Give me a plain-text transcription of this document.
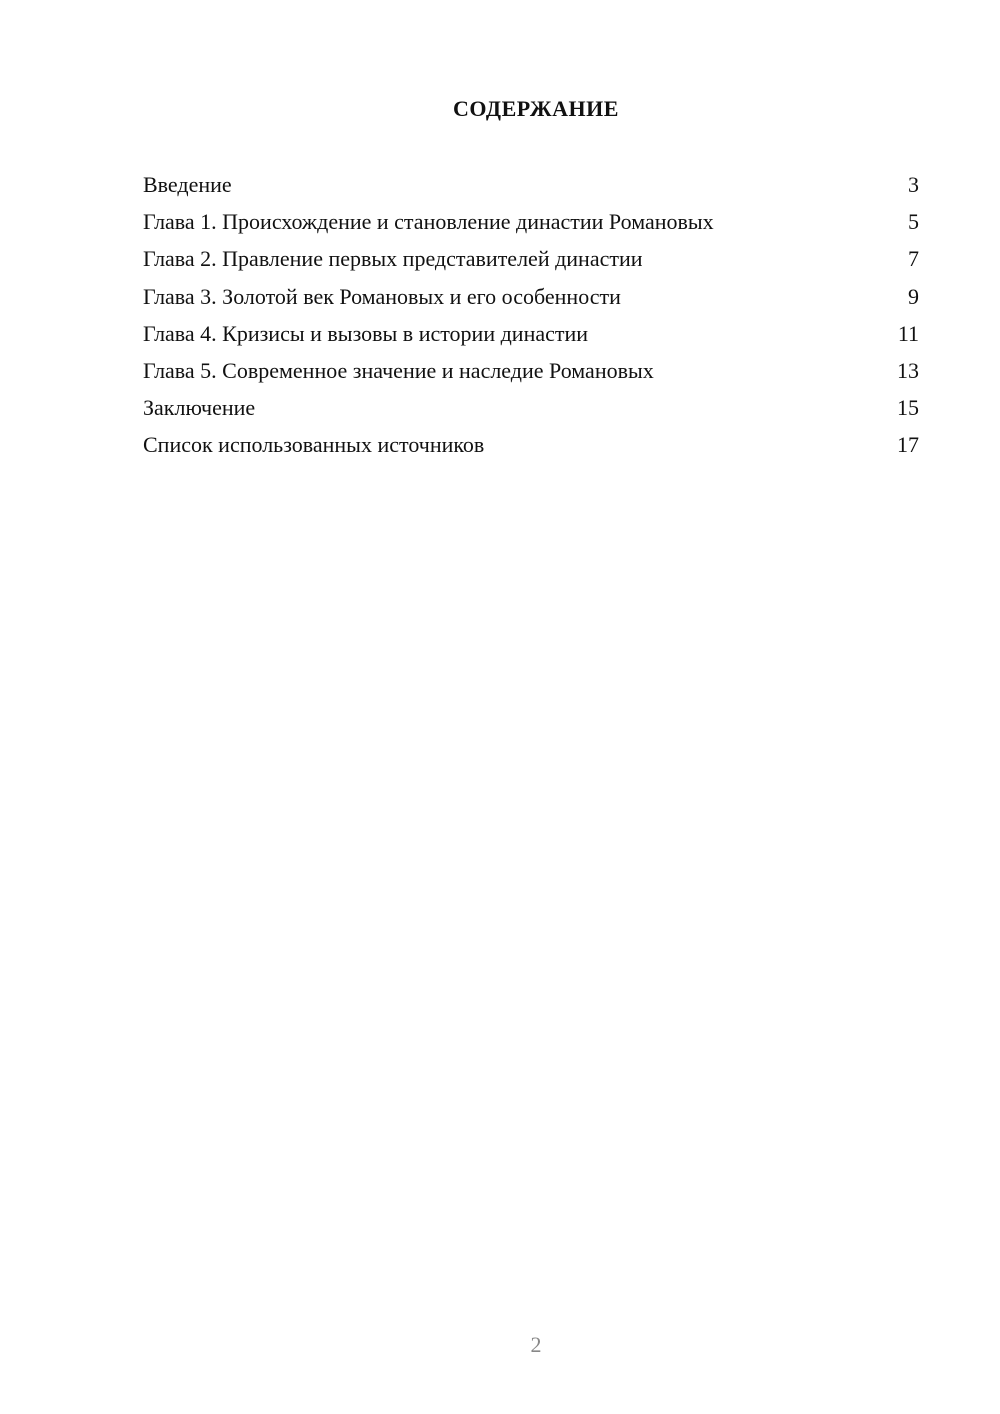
СОДЕРЖАНИЕ
Введение	3
Глава 1. Происхождение и становление династии Романовых	5
Глава 2. Правление первых представителей династии	7
Глава 3. Золотой век Романовых и его особенности	9
Глава 4. Кризисы и вызовы в истории династии	11
Глава 5. Современное значение и наследие Романовых	13
Заключение	15
Список использованных источников	17
2
